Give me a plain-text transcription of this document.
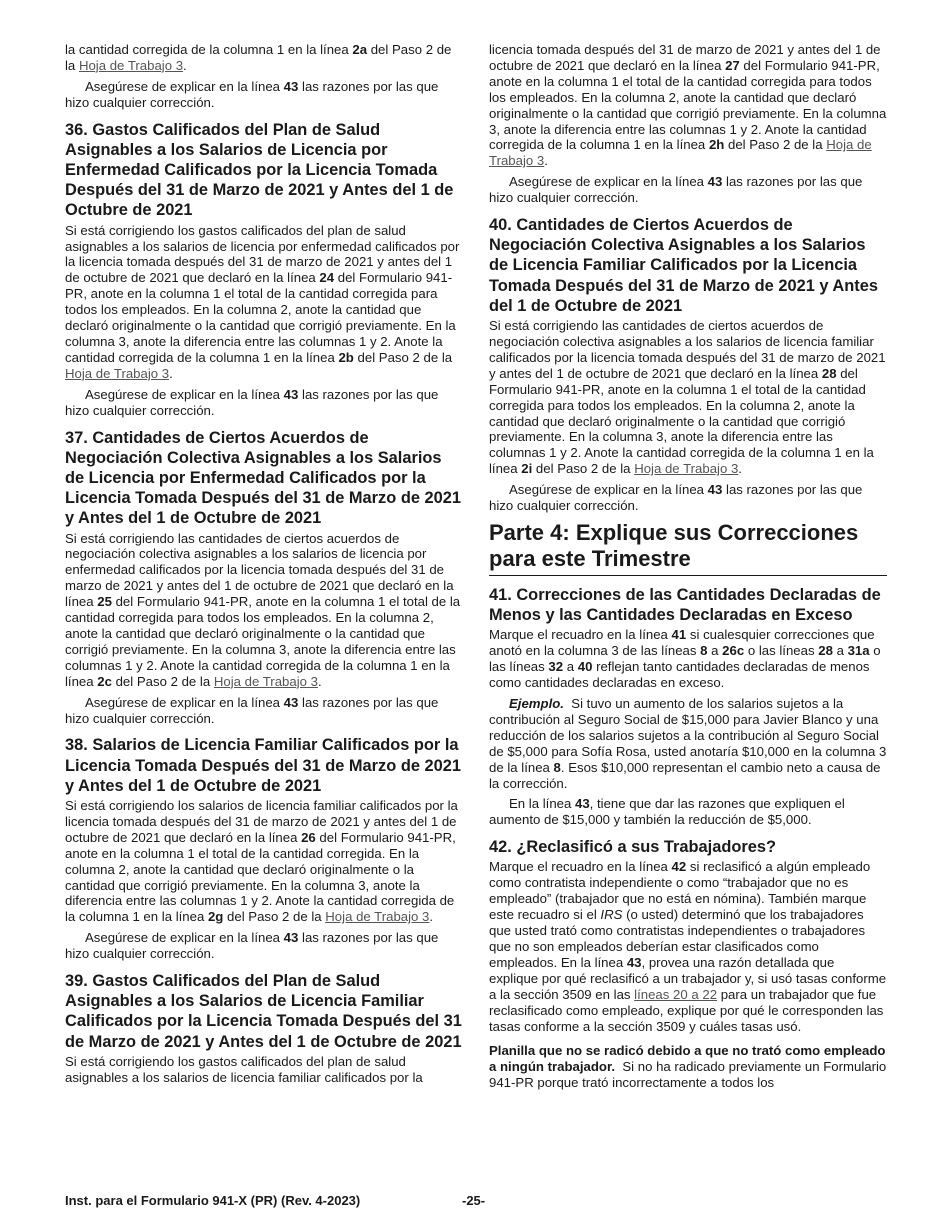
la cantidad corregida de la columna 1 en la línea 2a del Paso 2 de la Hoja de Trabajo 3.

Asegúrese de explicar en la línea 43 las razones por las que hizo cualquier corrección.

36. Gastos Calificados del Plan de Salud Asignables a los Salarios de Licencia por Enfermedad Calificados por la Licencia Tomada Después del 31 de Marzo de 2021 y Antes del 1 de Octubre de 2021

Si está corrigiendo los gastos calificados del plan de salud asignables a los salarios de licencia por enfermedad calificados por la licencia tomada después del 31 de marzo de 2021 y antes del 1 de octubre de 2021 que declaró en la línea 24 del Formulario 941-PR, anote en la columna 1 el total de la cantidad corregida para todos los empleados. En la columna 2, anote la cantidad que declaró originalmente o la cantidad que corrigió previamente. En la columna 3, anote la diferencia entre las columnas 1 y 2. Anote la cantidad corregida de la columna 1 en la línea 2b del Paso 2 de la Hoja de Trabajo 3.

Asegúrese de explicar en la línea 43 las razones por las que hizo cualquier corrección.

37. Cantidades de Ciertos Acuerdos de Negociación Colectiva Asignables a los Salarios de Licencia por Enfermedad Calificados por la Licencia Tomada Después del 31 de Marzo de 2021 y Antes del 1 de Octubre de 2021

Si está corrigiendo las cantidades de ciertos acuerdos de negociación colectiva asignables a los salarios de licencia por enfermedad calificados por la licencia tomada después del 31 de marzo de 2021 y antes del 1 de octubre de 2021 que declaró en la línea 25 del Formulario 941-PR, anote en la columna 1 el total de la cantidad corregida para todos los empleados. En la columna 2, anote la cantidad que declaró originalmente o la cantidad que corrigió previamente. En la columna 3, anote la diferencia entre las columnas 1 y 2. Anote la cantidad corregida de la columna 1 en la línea 2c del Paso 2 de la Hoja de Trabajo 3.

Asegúrese de explicar en la línea 43 las razones por las que hizo cualquier corrección.

38. Salarios de Licencia Familiar Calificados por la Licencia Tomada Después del 31 de Marzo de 2021 y Antes del 1 de Octubre de 2021

Si está corrigiendo los salarios de licencia familiar calificados por la licencia tomada después del 31 de marzo de 2021 y antes del 1 de octubre de 2021 que declaró en la línea 26 del Formulario 941-PR, anote en la columna 1 el total de la cantidad corregida. En la columna 2, anote la cantidad que declaró originalmente o la cantidad que corrigió previamente. En la columna 3, anote la diferencia entre las columnas 1 y 2. Anote la cantidad corregida de la columna 1 en la línea 2g del Paso 2 de la Hoja de Trabajo 3.

Asegúrese de explicar en la línea 43 las razones por las que hizo cualquier corrección.

39. Gastos Calificados del Plan de Salud Asignables a los Salarios de Licencia Familiar Calificados por la Licencia Tomada Después del 31 de Marzo de 2021 y Antes del 1 de Octubre de 2021

Si está corrigiendo los gastos calificados del plan de salud asignables a los salarios de licencia familiar calificados por la

licencia tomada después del 31 de marzo de 2021 y antes del 1 de octubre de 2021 que declaró en la línea 27 del Formulario 941-PR, anote en la columna 1 el total de la cantidad corregida para todos los empleados. En la columna 2, anote la cantidad que declaró originalmente o la cantidad que corrigió previamente. En la columna 3, anote la diferencia entre las columnas 1 y 2. Anote la cantidad corregida de la columna 1 en la línea 2h del Paso 2 de la Hoja de Trabajo 3.

Asegúrese de explicar en la línea 43 las razones por las que hizo cualquier corrección.

40. Cantidades de Ciertos Acuerdos de Negociación Colectiva Asignables a los Salarios de Licencia Familiar Calificados por la Licencia Tomada Después del 31 de Marzo de 2021 y Antes del 1 de Octubre de 2021

Si está corrigiendo las cantidades de ciertos acuerdos de negociación colectiva asignables a los salarios de licencia familiar calificados por la licencia tomada después del 31 de marzo de 2021 y antes del 1 de octubre de 2021 que declaró en la línea 28 del Formulario 941-PR, anote en la columna 1 el total de la cantidad corregida para todos los empleados. En la columna 2, anote la cantidad que declaró originalmente o la cantidad que corrigió previamente. En la columna 3, anote la diferencia entre las columnas 1 y 2. Anote la cantidad corregida de la columna 1 en la línea 2i del Paso 2 de la Hoja de Trabajo 3.

Asegúrese de explicar en la línea 43 las razones por las que hizo cualquier corrección.

Parte 4: Explique sus Correcciones para este Trimestre
41. Correcciones de las Cantidades Declaradas de Menos y las Cantidades Declaradas en Exceso

Marque el recuadro en la línea 41 si cualesquier correcciones que anotó en la columna 3 de las líneas 8 a 26c o las líneas 28 a 31a o las líneas 32 a 40 reflejan tanto cantidades declaradas de menos como cantidades declaradas en exceso.

Ejemplo. Si tuvo un aumento de los salarios sujetos a la contribución al Seguro Social de $15,000 para Javier Blanco y una reducción de los salarios sujetos a la contribución al Seguro Social de $5,000 para Sofía Rosa, usted anotaría $10,000 en la columna 3 de la línea 8. Esos $10,000 representan el cambio neto a causa de la corrección.

En la línea 43, tiene que dar las razones que expliquen el aumento de $15,000 y también la reducción de $5,000.

42. ¿Reclasificó a sus Trabajadores?

Marque el recuadro en la línea 42 si reclasificó a algún empleado como contratista independiente o como “trabajador que no es empleado” (trabajador que no está en nómina). También marque este recuadro si el IRS (o usted) determinó que los trabajadores que usted trató como contratistas independientes o trabajadores que no son empleados deberían estar clasificados como empleados. En la línea 43, provea una razón detallada que explique por qué reclasificó a un trabajador y, si usó tasas conforme a la sección 3509 en las líneas 20 a 22 para un trabajador que fue reclasificado como empleado, explique por qué le corresponden las tasas conforme a la sección 3509 y cuáles tasas usó.

Planilla que no se radicó debido a que no trató como empleado a ningún trabajador. Si no ha radicado previamente un Formulario 941-PR porque trató incorrectamente a todos los

Inst. para el Formulario 941-X (PR) (Rev. 4-2023)	-25-
